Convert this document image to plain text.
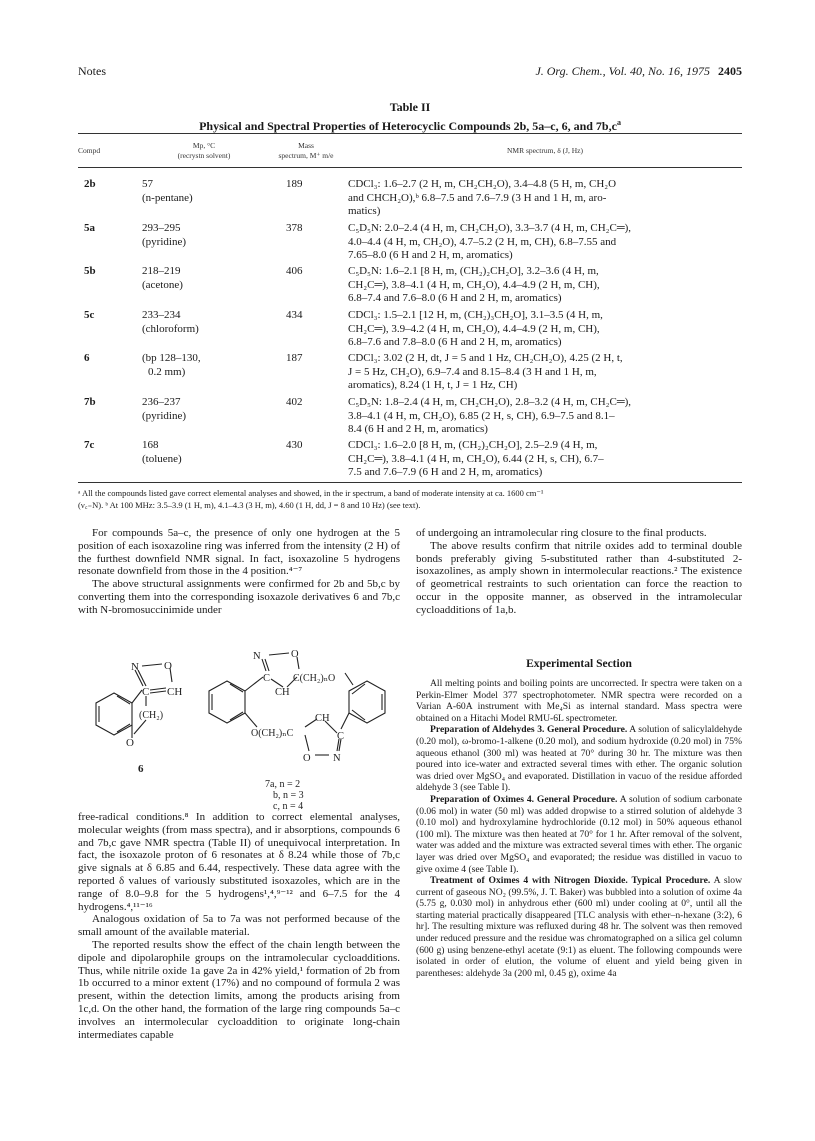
Notes	J. Org. Chem., Vol. 40, No. 16, 1975 2405
Table II
Physical and Spectral Properties of Heterocyclic Compounds 2b, 5a–c, 6, and $7b,c^a$
Compd
Mp, °C
(recrystn solvent)
Mass
spectrum, M⁺ m/e
NMR spectrum, δ (J, Hz)
2b	57
(n-pentane)
189	CDCl₃: 1.6–2.7 (2 H, m, CH₂CH₂O), 3.4–4.8 (5 H, m, CH₂O
and CHCH₂O),ᵇ 6.8–7.5 and 7.6–7.9 (3 H and 1 H, m, aro-
matics)
5a	293–295
(pyridine)
378	C₅D₅N: 2.0–2.4 (4 H, m, CH₂CH₂O), 3.3–3.7 (4 H, m, CH₂C═),
4.0–4.4 (4 H, m, CH₂O), 4.7–5.2 (2 H, m, CH), 6.8–7.55 and
7.65–8.0 (6 H and 2 H, m, aromatics)
5b	218–219
(acetone)
406	C₅D₅N: 1.6–2.1 [8 H, m, (CH₂)₂CH₂O], 3.2–3.6 (4 H, m,
CH₂C═), 3.8–4.1 (4 H, m, CH₂O), 4.4–4.9 (2 H, m, CH),
6.8–7.4 and 7.6–8.0 (6 H and 2 H, m, aromatics)
5c	233–234
(chloroform)
434	CDCl₃: 1.5–2.1 [12 H, m, (CH₂)₃CH₂O], 3.1–3.5 (4 H, m,
CH₂C═), 3.9–4.2 (4 H, m, CH₂O), 4.4–4.9 (2 H, m, CH),
6.8–7.6 and 7.8–8.0 (6 H and 2 H, m, aromatics)
6	(bp 128–130,
0.2 mm)
187	CDCl₃: 3.02 (2 H, dt, J = 5 and 1 Hz, CH₂CH₂O), 4.25 (2 H, t,
J = 5 Hz, CH₂O), 6.9–7.4 and 8.15–8.4 (3 H and 1 H, m,
aromatics), 8.24 (1 H, t, J = 1 Hz, CH)
7b	236–237
(pyridine)
402	C₅D₅N: 1.8–2.4 (4 H, m, CH₂CH₂O), 2.8–3.2 (4 H, m, CH₂C═),
3.8–4.1 (4 H, m, CH₂O), 6.85 (2 H, s, CH), 6.9–7.5 and 8.1–
8.4 (6 H and 2 H, m, aromatics)
7c	168
(toluene)
430	CDCl₃: 1.6–2.0 [8 H, m, (CH₂)₂CH₂O], 2.5–2.9 (4 H, m,
CH₂C═), 3.8–4.1 (4 H, m, CH₂O), 6.44 (2 H, s, CH), 6.7–
7.5 and 7.6–7.9 (6 H and 2 H, m, aromatics)
ᵃ All the compounds listed gave correct elemental analyses and showed, in the ir spectrum, a band of moderate intensity at ca. 1600 cm⁻¹
(ν꜀₌N). ᵇ At 100 MHz: 3.5–3.9 (1 H, m), 4.1–4.3 (3 H, m), 4.60 (1 H, dd, J = 8 and 10 Hz) (see text).

For compounds 5a–c, the presence of only one hydrogen at the 5 position of each isoxazoline ring was inferred from the intensity (2 H) of the furthest downfield NMR signal. In fact, isoxazoline 5 hydrogens resonate downfield from those in the 4 position.⁴⁻⁷

The above structural assignments were confirmed for 2b and 5b,c by converting them into the corresponding isoxazole derivatives 6 and 7b,c with N-bromosuccinimide under

N O
C CH
(CH₂)
O
6
N	O
C C(CH₂)ₙO
CH
O(CH₂)ₙC
CH
C
O N
7a, n = 2
b, n = 3
c, n = 4

free-radical conditions.⁸ In addition to correct elemental analyses, molecular weights (from mass spectra), and ir absorptions, compounds 6 and 7b,c gave NMR spectra (Table II) of unequivocal interpretation. In fact, the isoxazole proton of 6 resonates at δ 8.24 while those of 7b,c give signals at δ 6.85 and 6.44, respectively. These data agree with the reported δ values of variously substituted isoxazoles, which are in the range of 8.0–9.8 for the 5 hydrogens¹,⁴,⁹⁻¹² and 6–7.5 for the 4 hydrogens.⁴,¹¹⁻¹⁶

Analogous oxidation of 5a to 7a was not performed because of the small amount of the available material.

The reported results show the effect of the chain length between the dipole and dipolarophile groups on the intramolecular cycloadditions. Thus, while nitrile oxide 1a gave 2a in 42% yield,¹ formation of 2b from 1b occurred to a minor extent (17%) and no compound of formula 2 was present, within the detection limits, among the products arising from 1c,d. On the other hand, the formation of the large ring compounds 5a–c involves an intermolecular cycloaddition to originate long-chain intermediates capable

of undergoing an intramolecular ring closure to the final products.

The above results confirm that nitrile oxides add to terminal double bonds preferably giving 5-substituted rather than 4-substituted 2-isoxazolines, as amply shown in intermolecular reactions.² The existence of geometrical restraints to such orientation can force the reaction to occur in the opposite manner, as observed in the intramolecular cycloadditions of 1a,b.

Experimental Section

All melting points and boiling points are uncorrected. Ir spectra were taken on a Perkin-Elmer Model 377 spectrophotometer. NMR spectra were recorded on a Varian A-60A instrument with Me₄Si as internal standard. Mass spectra were obtained on a Hitachi Model RMU-6L spectrometer.

Preparation of Aldehydes 3. General Procedure. A solution of salicylaldehyde (0.20 mol), ω-bromo-1-alkene (0.20 mol), and sodium hydroxide (0.20 mol) in 75% aqueous ethanol (300 ml) was heated at 70° during 30 hr. The mixture was then poured into ice-water and extracted several times with ether. The organic solution was dried over MgSO₄ and evaporated. Distillation in vacuo of the residue afforded aldehyde 3 (see Table I).

Preparation of Oximes 4. General Procedure. A solution of sodium carbonate (0.06 mol) in water (50 ml) was added dropwise to a stirred solution of aldehyde 3 (0.10 mol) and hydroxylamine hydrochloride (0.12 mol) in 50% aqueous ethanol (100 ml). The mixture was then heated at 70° for 1 hr. After removal of the solvent, water was added and the mixture was extracted several times with ether. The organic layer was dried over MgSO₄ and evaporated; the residue was distilled in vacuo to give oxime 4 (see Table I).

Treatment of Oximes 4 with Nitrogen Dioxide. Typical Procedure. A slow current of gaseous NO₂ (99.5%, J. T. Baker) was bubbled into a solution of oxime 4a (5.75 g, 0.030 mol) in anhydrous ether (600 ml) under cooling at 0°, until all the starting material practically disappeared [TLC analysis with ether–n-hexane (3:2), 6 hr]. The resulting mixture was refluxed during 48 hr. The solvent was then removed under reduced pressure and the residue was chromatographed on a silica gel column (600 g) using benzene-ethyl acetate (9:1) as eluent. The following compounds were isolated in order of elution, the volume of eluent and yield being given in parentheses: aldehyde 3a (200 ml, 0.45 g), oxime 4a
